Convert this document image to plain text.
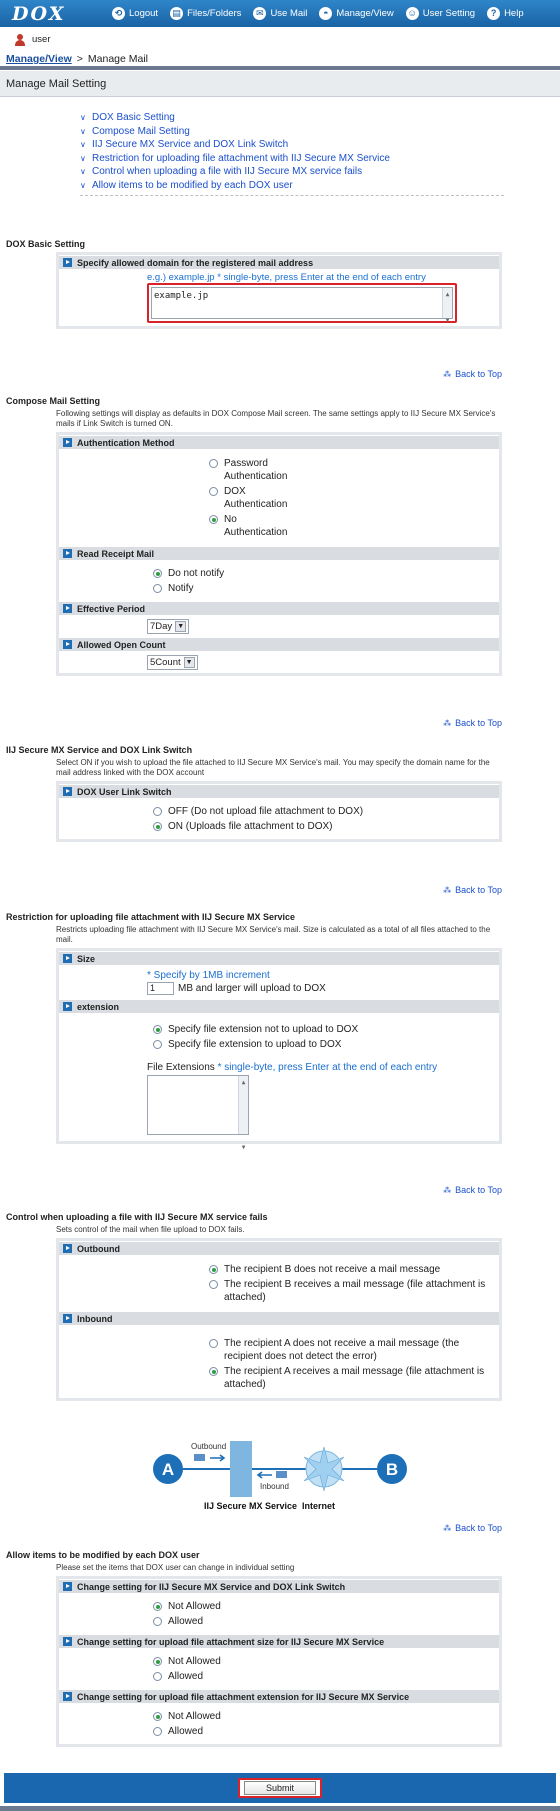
DOX	⟲ Logout ▤ Files/Folders	✉ Use Mail	◓ Manage/View ☺ User Setting	? Help
user
Manage/View > Manage Mail
Manage Mail Setting
∨ DOX Basic Setting
∨ Compose Mail Setting
∨ IIJ Secure MX Service and DOX Link Switch
∨ Restriction for uploading file attachment with IIJ Secure MX Service
∨ Control when uploading a file with IIJ Secure MX service fails
∨ Allow items to be modified by each DOX user
DOX Basic Setting
Specify allowed domain for the registered mail address
e.g.) example.jp * single-byte, press Enter at the end of each entry
example.jp	▲

▼
⁂ Back to Top
Compose Mail Setting
Following settings will display as defaults in DOX Compose Mail screen. The same settings apply to IIJ Secure MX Service's mails if Link Switch is turned ON.
Authentication Method
Password Authentication
DOX Authentication
No Authentication
Read Receipt Mail
Do not notify
Notify
Effective Period
7Day ▼
Allowed Open Count
5Count ▼
⁂ Back to Top
IIJ Secure MX Service and DOX Link Switch
Select ON if you wish to upload the file attached to IIJ Secure MX Service's mail. You may specify the domain name for the mail address linked with the DOX account
DOX User Link Switch
OFF (Do not upload file attachment to DOX)
ON (Uploads file attachment to DOX)
⁂ Back to Top
Restriction for uploading file attachment with IIJ Secure MX Service
Restricts uploading file attachment with IIJ Secure MX Service's mail. Size is calculated as a total of all files attached to the mail.
Size
* Specify by 1MB increment
1	MB and larger will upload to DOX
extension
Specify file extension not to upload to DOX
Specify file extension to upload to DOX
File Extensions * single-byte, press Enter at the end of each entry
▲

▼
⁂ Back to Top
Control when uploading a file with IIJ Secure MX service fails
Sets control of the mail when file upload to DOX fails.
Outbound
The recipient B does not receive a mail message
The recipient B receives a mail message (file attachment is attached)
Inbound
The recipient A does not receive a mail message (the recipient does not detect the error)
The recipient A receives a mail message (file attachment is attached)
A	B
Outbound
Inbound
IIJ Secure MX Service Internet
⁂ Back to Top
Allow items to be modified by each DOX user
Please set the items that DOX user can change in individual setting
Change setting for IIJ Secure MX Service and DOX Link Switch
Not Allowed
Allowed
Change setting for upload file attachment size for IIJ Secure MX Service
Not Allowed
Allowed
Change setting for upload file attachment extension for IIJ Secure MX Service
Not Allowed
Allowed
Submit
